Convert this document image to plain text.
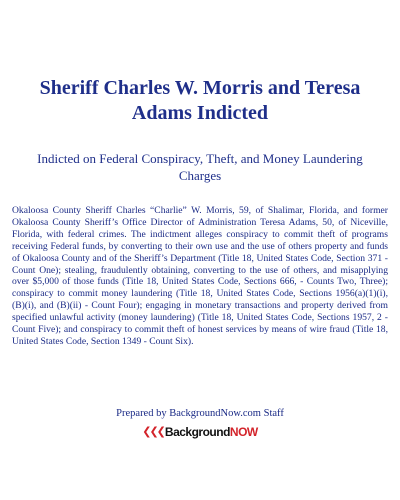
Sheriff Charles W. Morris and Teresa Adams Indicted

Indicted on Federal Conspiracy, Theft, and Money Laundering Charges

Okaloosa County Sheriff Charles “Charlie” W. Morris, 59, of Shalimar, Florida, and former Okaloosa County Sheriff’s Office Director of Administration Teresa Adams, 50, of Niceville, Florida, with federal crimes. The indictment alleges conspiracy to commit theft of programs receiving Federal funds, by converting to their own use and the use of others property and funds of Okaloosa County and of the Sheriff’s Department (Title 18, United States Code, Section 371 - Count One); stealing, fraudulently obtaining, converting to the use of others, and misapplying over $5,000 of those funds (Title 18, United States Code, Sections 666, - Counts Two, Three); conspiracy to commit money laundering (Title 18, United States Code, Sections 1956(a)(1)(i), (B)(i), and (B)(ii) - Count Four); engaging in monetary transactions and property derived from specified unlawful activity (money laundering) (Title 18, United States Code, Sections 1957, 2 - Count Five); and conspiracy to commit theft of honest services by means of wire fraud (Title 18, United States Code, Section 1349 - Count Six).

Prepared by BackgroundNow.com Staff

❮❮❮BackgroundNOW
